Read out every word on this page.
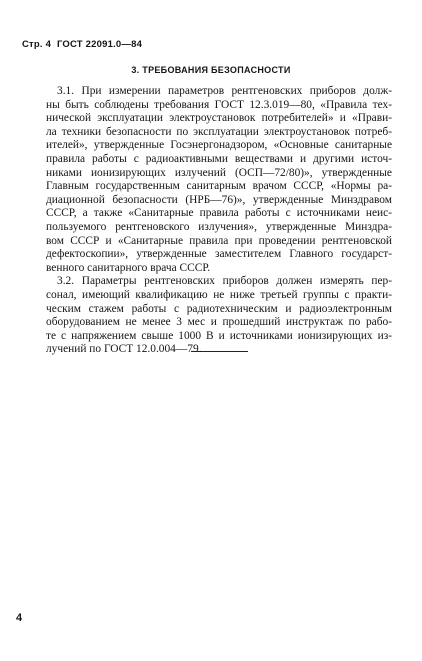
Стр. 4 ГОСТ 22091.0—84
3. ТРЕБОВАНИЯ БЕЗОПАСНОСТИ

3.1. При измерении параметров рентгеновских приборов долж-
ны быть соблюдены требования ГОСТ 12.3.019—80, «Правила тех-
нической эксплуатации электроустановок потребителей» и «Прави-
ла техники безопасности по эксплуатации электроустановок потреб-
ителей», утвержденные Госэнергонадзором, «Основные санитарные
правила работы с радиоактивными веществами и другими источ-
никами ионизирующих излучений (ОСП—72/80)», утвержденные
Главным государственным санитарным врачом СССР, «Нормы ра-
диационной безопасности (НРБ—76)», утвержденные Минздравом
СССР, а также «Санитарные правила работы с источниками неис-
пользуемого рентгеновского излучения», утвержденные Минздра-
вом СССР и «Санитарные правила при проведении рентгеновской
дефектоскопии», утвержденные заместителем Главного государст-
венного санитарного врача СССР.

3.2. Параметры рентгеновских приборов должен измерять пер-
сонал, имеющий квалификацию не ниже третьей группы с практи-
ческим стажем работы с радиотехническим и радиоэлектронным
оборудованием не менее 3 мес и прошедший инструктаж по рабо-
те с напряжением свыше 1000 В и источниками ионизирующих из-
лучений по ГОСТ 12.0.004—79.

4
